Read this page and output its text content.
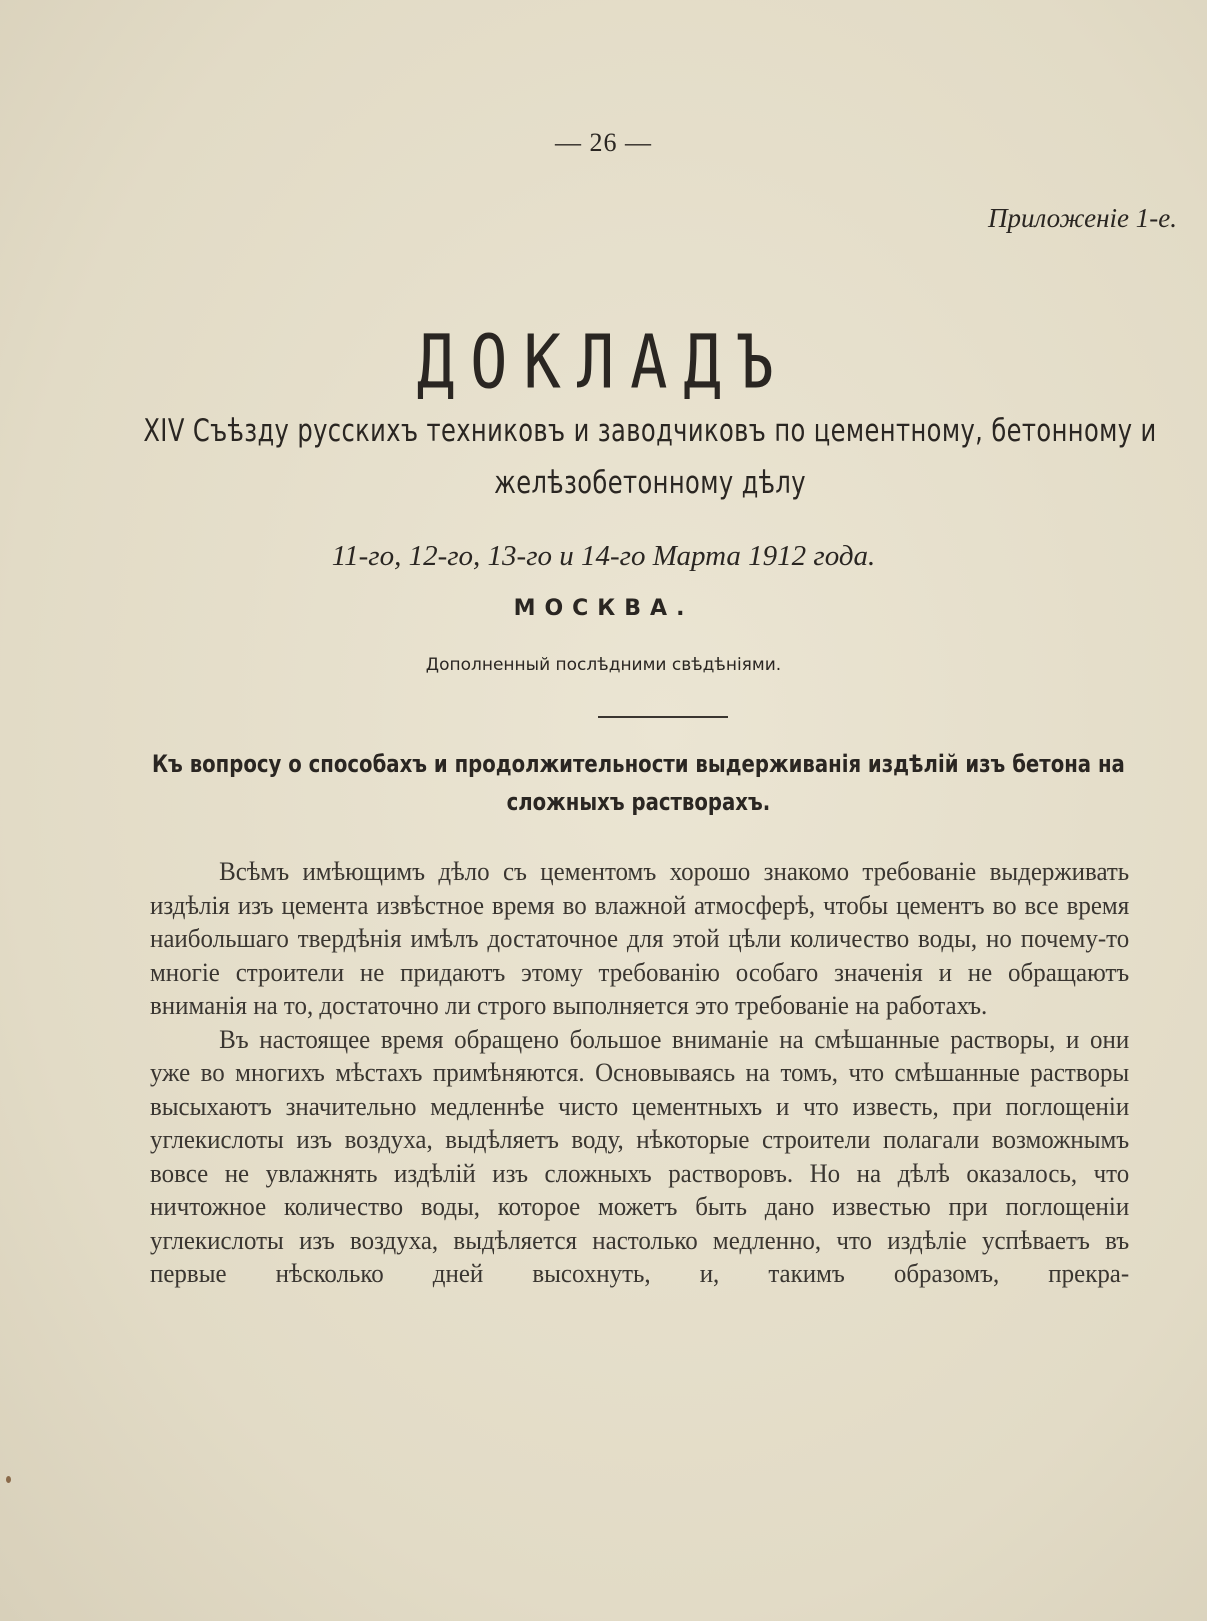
— 26 —
Приложеніе 1-е.
ДОКЛАДЪ
XIV Съѣзду русскихъ техниковъ и заводчиковъ по цементному, бетонному и желѣзобетонному дѣлу
11-го, 12-го, 13-го и 14-го Марта 1912 года.
МОСКВА.
Дополненный послѣдними свѣдѣніями.
Къ вопросу о способахъ и продолжительности выдерживанія издѣлій изъ бетона на сложныхъ растворахъ.

Всѣмъ имѣющимъ дѣло съ цементомъ хорошо знакомо требованіе выдерживать издѣлія изъ цемента извѣстное время во влажной атмосферѣ, чтобы цементъ во все время наибольшаго твердѣнія имѣлъ достаточное для этой цѣли количество воды, но почему-то многіе строители не придаютъ этому требованію особаго значенія и не обращаютъ вниманія на то, достаточно ли строго выполняется это требованіе на работахъ.

Въ настоящее время обращено большое вниманіе на смѣшанные растворы, и они уже во многихъ мѣстахъ примѣняются. Основываясь на томъ, что смѣшанные растворы высыхаютъ значительно медленнѣе чисто цементныхъ и что известь, при поглощеніи углекислоты изъ воздуха, выдѣляетъ воду, нѣкоторые строители полагали возможнымъ вовсе не увлажнять издѣлій изъ сложныхъ растворовъ. Но на дѣлѣ оказалось, что ничтожное количество воды, которое можетъ быть дано известью при поглощеніи углекислоты изъ воздуха, выдѣляется настолько медленно, что издѣліе успѣваетъ въ первые нѣсколько дней высохнуть, и, такимъ образомъ, прекра-
